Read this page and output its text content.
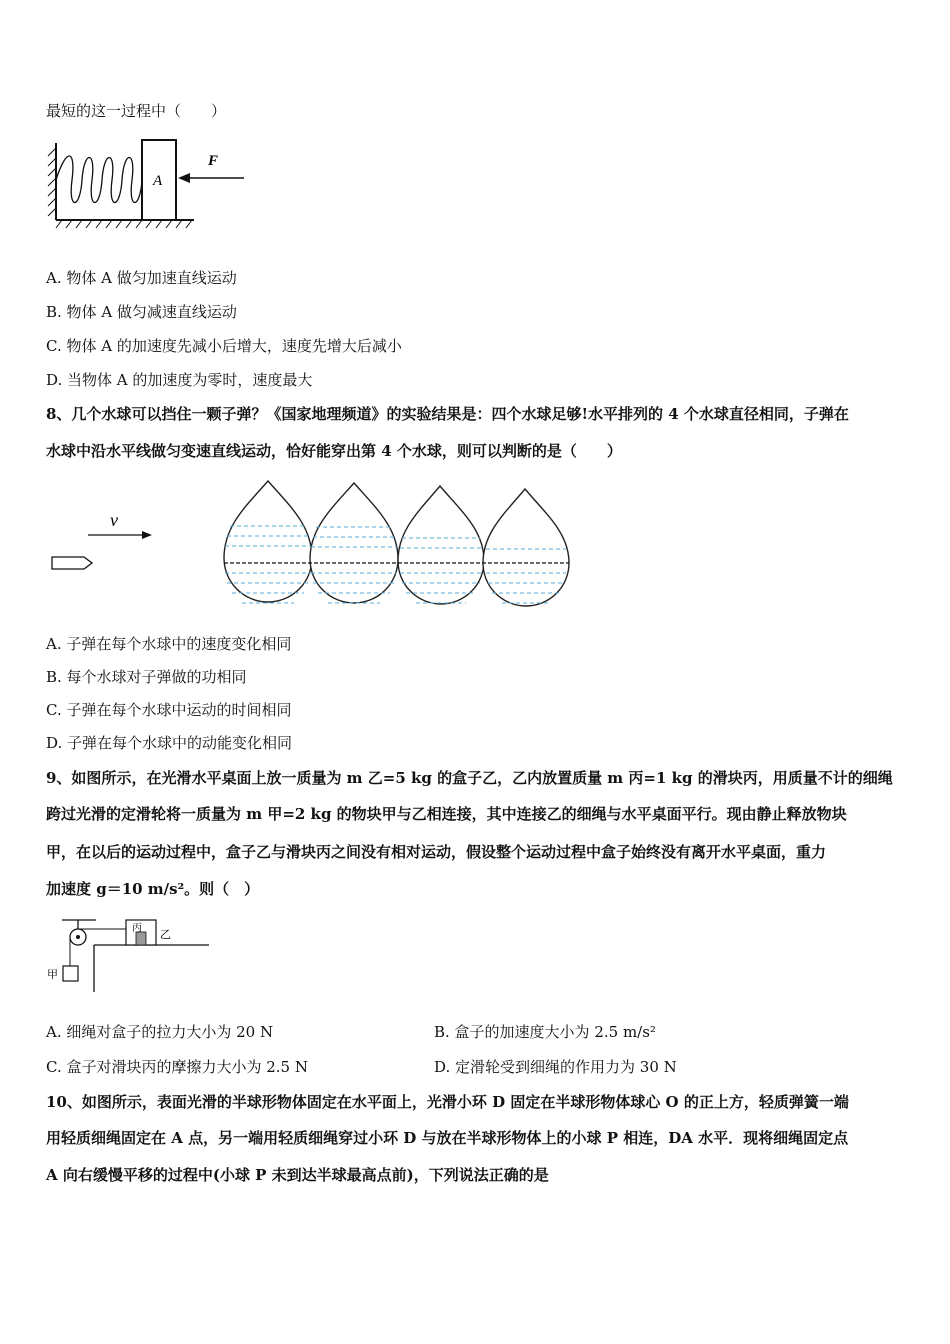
最短的这一过程中（　　）
A
F
A. 物体 A 做匀加速直线运动
B. 物体 A 做匀减速直线运动
C. 物体 A 的加速度先减小后增大，速度先增大后减小
D. 当物体 A 的加速度为零时，速度最大
8、几个水球可以挡住一颗子弹？《国家地理频道》的实验结果是：四个水球足够!水平排列的 4 个水球直径相同，子弹在
水球中沿水平线做匀变速直线运动，恰好能穿出第 4 个水球，则可以判断的是（　　）
v
A. 子弹在每个水球中的速度变化相同
B. 每个水球对子弹做的功相同
C. 子弹在每个水球中运动的时间相同
D. 子弹在每个水球中的动能变化相同
9、如图所示，在光滑水平桌面上放一质量为 m 乙=5 kg 的盒子乙，乙内放置质量 m 丙=1 kg 的滑块丙，用质量不计的细绳
跨过光滑的定滑轮将一质量为 m 甲=2 kg 的物块甲与乙相连接，其中连接乙的细绳与水平桌面平行。现由静止释放物块
甲，在以后的运动过程中，盒子乙与滑块丙之间没有相对运动，假设整个运动过程中盒子始终没有离开水平桌面，重力
加速度 g＝10 m/s²。则（　）
甲
丙
乙
A. 细绳对盒子的拉力大小为 20 N	B. 盒子的加速度大小为 2.5 m/s²
C. 盒子对滑块丙的摩擦力大小为 2.5 N	D. 定滑轮受到细绳的作用力为 30 N
10、如图所示，表面光滑的半球形物体固定在水平面上，光滑小环 D 固定在半球形物体球心 O 的正上方，轻质弹簧一端
用轻质细绳固定在 A 点，另一端用轻质细绳穿过小环 D 与放在半球形物体上的小球 P 相连，DA 水平．现将细绳固定点
A 向右缓慢平移的过程中(小球 P 未到达半球最高点前)，下列说法正确的是
